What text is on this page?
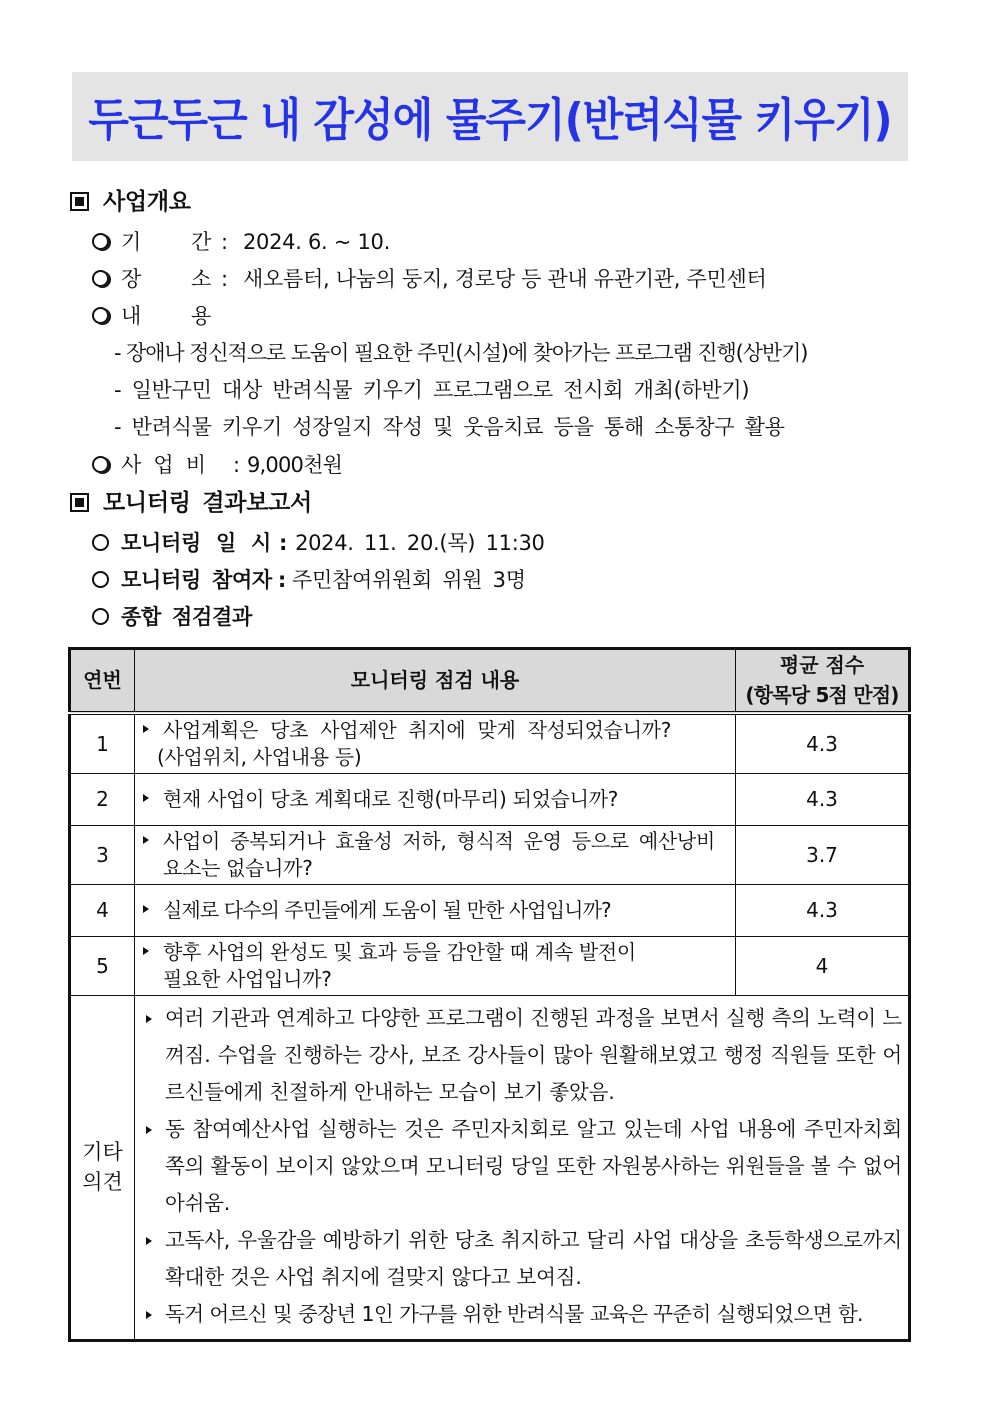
두근두근 내 감성에 물주기(반려식물 키우기)
사업개요
기 간 : 2024. 6. ~ 10.
장 소 : 새오름터, 나눔의 둥지, 경로당 등 관내 유관기관, 주민센터
내 용
- 장애나 정신적으로 도움이 필요한 주민(시설)에 찾아가는 프로그램 진행(상반기)
- 일반구민 대상 반려식물 키우기 프로그램으로 전시회 개최(하반기)
- 반려식물 키우기 성장일지 작성 및 웃음치료 등을 통해 소통창구 활용
사 업 비 : 9,000천원
모니터링 결과보고서
모니터링 일 시 : 2024. 11. 20.(목) 11:30
모니터링 참여자 : 주민참여위원회 위원 3명
종합 점검결과
연번	모니터링 점검 내용	평균 점수
(항목당 5점 만점)

1	사업계획은 당초 사업제안 취지에 맞게 작성되었습니까?
(사업위치, 사업내용 등)	4.3
2	현재 사업이 당초 계획대로 진행(마무리) 되었습니까?	4.3
3	사업이 중복되거나 효율성 저하, 형식적 운영 등으로 예산낭비
요소는 없습니까?	3.7
4	실제로 다수의 주민들에게 도움이 될 만한 사업입니까?	4.3
5	향후 사업의 완성도 및 효과 등을 감안할 때 계속 발전이
필요한 사업입니까?	4

기타
의견

여러 기관과 연계하고 다양한 프로그램이 진행된 과정을 보면서 실행 측의 노력이 느껴짐. 수업을 진행하는 강사, 보조 강사들이 많아 원활해보였고 행정 직원들 또한 어르신들에게 친절하게 안내하는 모습이 보기 좋았음.
동 참여예산사업 실행하는 것은 주민자치회로 알고 있는데 사업 내용에 주민자치회 쪽의 활동이 보이지 않았으며 모니터링 당일 또한 자원봉사하는 위원들을 볼 수 없어 아쉬움.
고독사, 우울감을 예방하기 위한 당초 취지하고 달리 사업 대상을 초등학생으로까지 확대한 것은 사업 취지에 걸맞지 않다고 보여짐.
독거 어르신 및 중장년 1인 가구를 위한 반려식물 교육은 꾸준히 실행되었으면 함.
